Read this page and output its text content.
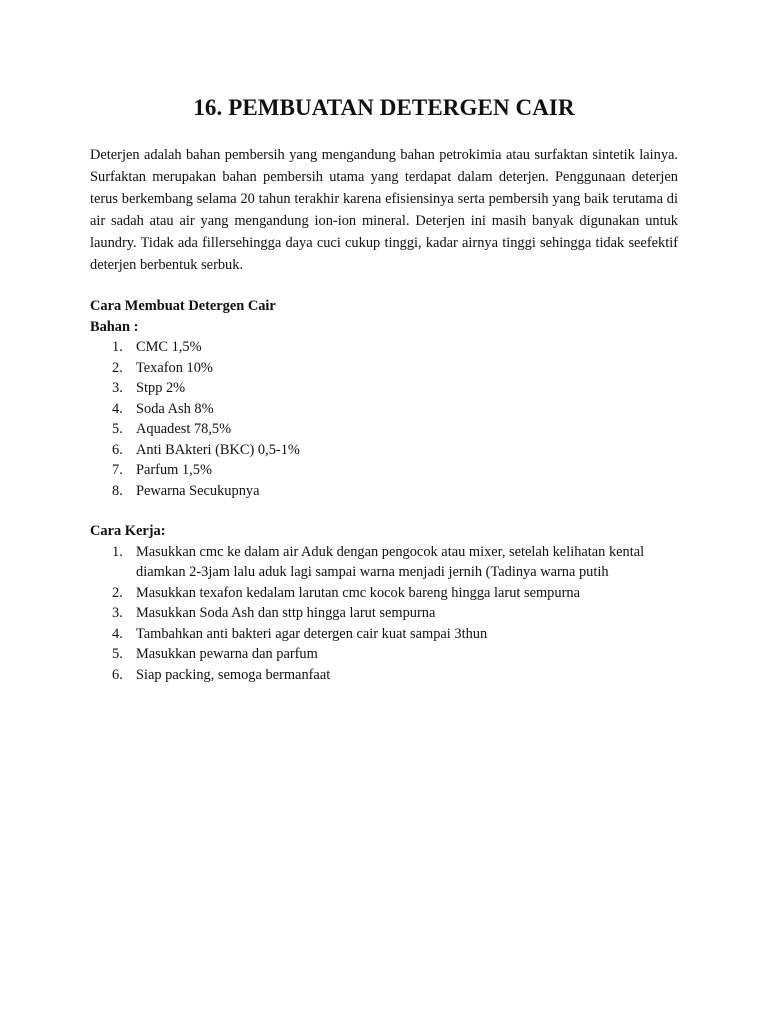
16. PEMBUATAN DETERGEN CAIR

Deterjen adalah bahan pembersih yang mengandung bahan petrokimia atau surfaktan sintetik lainya. Surfaktan merupakan bahan pembersih utama yang terdapat dalam deterjen. Penggunaan deterjen terus berkembang selama 20 tahun terakhir karena efisiensinya serta pembersih yang baik terutama di air sadah atau air yang mengandung ion-ion mineral. Deterjen ini masih banyak digunakan untuk laundry. Tidak ada fillersehingga daya cuci cukup tinggi, kadar airnya tinggi sehingga tidak seefektif deterjen berbentuk serbuk.

Cara Membuat Detergen Cair
Bahan :
1. CMC 1,5%
2. Texafon 10%
3. Stpp 2%
4. Soda Ash 8%
5. Aquadest 78,5%
6. Anti BAkteri (BKC) 0,5-1%
7. Parfum 1,5%
8. Pewarna Secukupnya
Cara Kerja:
1. Masukkan cmc ke dalam air Aduk dengan pengocok atau mixer, setelah kelihatan kental diamkan 2-3jam lalu aduk lagi sampai warna menjadi jernih (Tadinya warna putih
2. Masukkan texafon kedalam larutan cmc kocok bareng hingga larut sempurna
3. Masukkan Soda Ash dan sttp hingga larut sempurna
4. Tambahkan anti bakteri agar detergen cair kuat sampai 3thun
5. Masukkan pewarna dan parfum
6. Siap packing, semoga bermanfaat
